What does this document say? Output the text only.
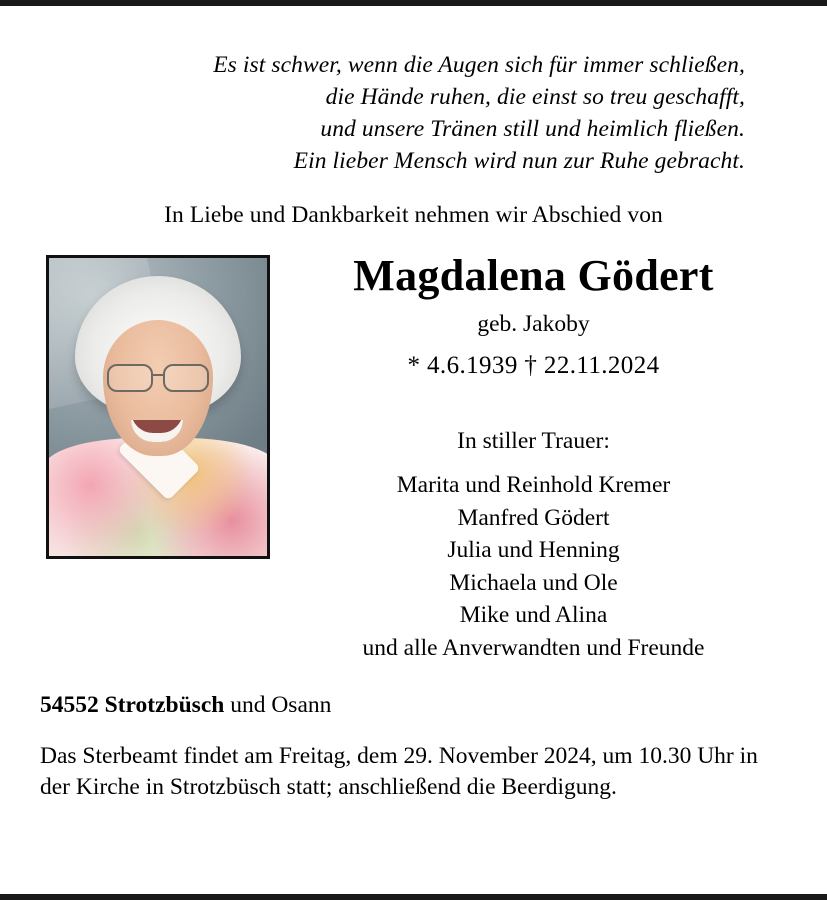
Es ist schwer, wenn die Augen sich für immer schließen,
die Hände ruhen, die einst so treu geschafft,
und unsere Tränen still und heimlich fließen.
Ein lieber Mensch wird nun zur Ruhe gebracht.
In Liebe und Dankbarkeit nehmen wir Abschied von
Magdalena Gödert
geb. Jakoby
* 4.6.1939 † 22.11.2024
In stiller Trauer:
Marita und Reinhold Kremer
Manfred Gödert
Julia und Henning
Michaela und Ole
Mike und Alina
und alle Anverwandten und Freunde
54552 Strotzbüsch und Osann
Das Sterbeamt findet am Freitag, dem 29. November 2024, um 10.30 Uhr in der Kirche in Strotzbüsch statt; anschließend die Beerdigung.
